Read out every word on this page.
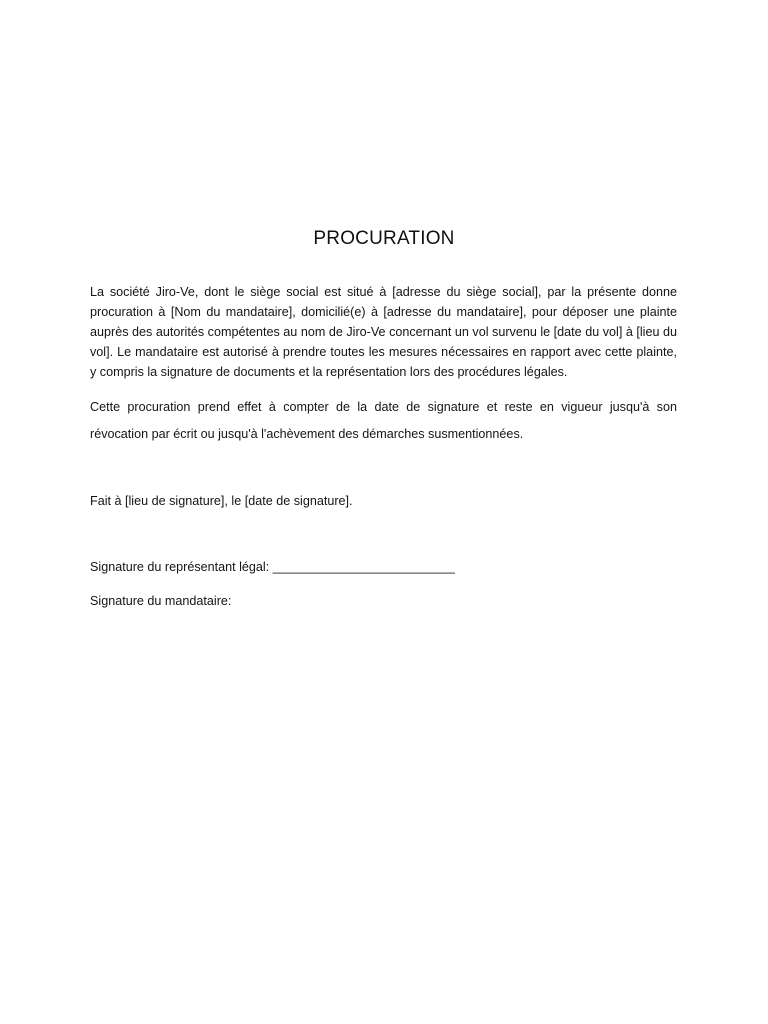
PROCURATION
La société Jiro-Ve, dont le siège social est situé à [adresse du siège social], par la présente donne procuration à [Nom du mandataire], domicilié(e) à [adresse du mandataire], pour déposer une plainte auprès des autorités compétentes au nom de Jiro-Ve concernant un vol survenu le [date du vol] à [lieu du vol]. Le mandataire est autorisé à prendre toutes les mesures nécessaires en rapport avec cette plainte, y compris la signature de documents et la représentation lors des procédures légales.
Cette procuration prend effet à compter de la date de signature et reste en vigueur jusqu'à son révocation par écrit ou jusqu'à l'achèvement des démarches susmentionnées.
Fait à [lieu de signature], le [date de signature].
Signature du représentant légal: __________________________
Signature du mandataire:
